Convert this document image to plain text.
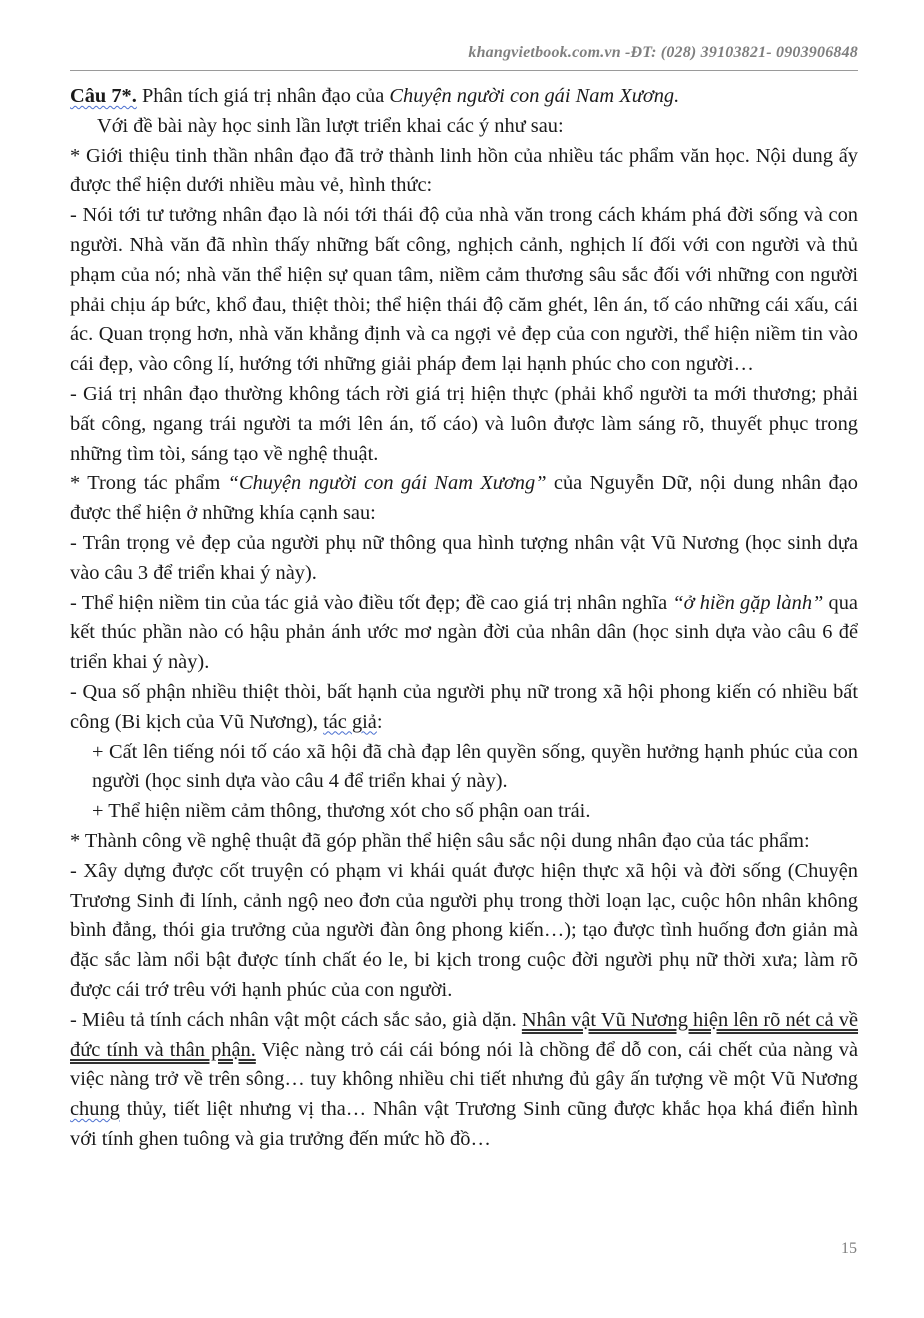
khangvietbook.com.vn -ĐT: (028) 39103821- 0903906848

Câu 7*. Phân tích giá trị nhân đạo của Chuyện người con gái Nam Xương.

Với đề bài này học sinh lần lượt triển khai các ý như sau:

* Giới thiệu tinh thần nhân đạo đã trở thành linh hồn của nhiều tác phẩm văn học. Nội dung ấy được thể hiện dưới nhiều màu vẻ, hình thức:

- Nói tới tư tưởng nhân đạo là nói tới thái độ của nhà văn trong cách khám phá đời sống và con người. Nhà văn đã nhìn thấy những bất công, nghịch cảnh, nghịch lí đối với con người và thủ phạm của nó; nhà văn thể hiện sự quan tâm, niềm cảm thương sâu sắc đối với những con người phải chịu áp bức, khổ đau, thiệt thòi; thể hiện thái độ căm ghét, lên án, tố cáo những cái xấu, cái ác. Quan trọng hơn, nhà văn khẳng định và ca ngợi vẻ đẹp của con người, thể hiện niềm tin vào cái đẹp, vào công lí, hướng tới những giải pháp đem lại hạnh phúc cho con người…

- Giá trị nhân đạo thường không tách rời giá trị hiện thực (phải khổ người ta mới thương; phải bất công, ngang trái người ta mới lên án, tố cáo) và luôn được làm sáng rõ, thuyết phục trong những tìm tòi, sáng tạo về nghệ thuật.

* Trong tác phẩm “Chuyện người con gái Nam Xương” của Nguyễn Dữ, nội dung nhân đạo được thể hiện ở những khía cạnh sau:

- Trân trọng vẻ đẹp của người phụ nữ thông qua hình tượng nhân vật Vũ Nương (học sinh dựa vào câu 3 để triển khai ý này).

- Thể hiện niềm tin của tác giả vào điều tốt đẹp; đề cao giá trị nhân nghĩa “ở hiền gặp lành” qua kết thúc phần nào có hậu phản ánh ước mơ ngàn đời của nhân dân (học sinh dựa vào câu 6 để triển khai ý này).

- Qua số phận nhiều thiệt thòi, bất hạnh của người phụ nữ trong xã hội phong kiến có nhiều bất công (Bi kịch của Vũ Nương), tác giả:

+ Cất lên tiếng nói tố cáo xã hội đã chà đạp lên quyền sống, quyền hưởng hạnh phúc của con người (học sinh dựa vào câu 4 để triển khai ý này).

+ Thể hiện niềm cảm thông, thương xót cho số phận oan trái.

* Thành công về nghệ thuật đã góp phần thể hiện sâu sắc nội dung nhân đạo của tác phẩm:

- Xây dựng được cốt truyện có phạm vi khái quát được hiện thực xã hội và đời sống (Chuyện Trương Sinh đi lính, cảnh ngộ neo đơn của người phụ trong thời loạn lạc, cuộc hôn nhân không bình đẳng, thói gia trưởng của người đàn ông phong kiến…); tạo được tình huống đơn giản mà đặc sắc làm nổi bật được tính chất éo le, bi kịch trong cuộc đời người phụ nữ thời xưa; làm rõ được cái trớ trêu với hạnh phúc của con người.

- Miêu tả tính cách nhân vật một cách sắc sảo, già dặn. Nhân vật Vũ Nương hiện lên rõ nét cả về đức tính và thân phận. Việc nàng trỏ cái cái bóng nói là chồng để dỗ con, cái chết của nàng và việc nàng trở về trên sông… tuy không nhiều chi tiết nhưng đủ gây ấn tượng về một Vũ Nương chung thủy, tiết liệt nhưng vị tha… Nhân vật Trương Sinh cũng được khắc họa khá điển hình với tính ghen tuông và gia trưởng đến mức hồ đồ…

15
